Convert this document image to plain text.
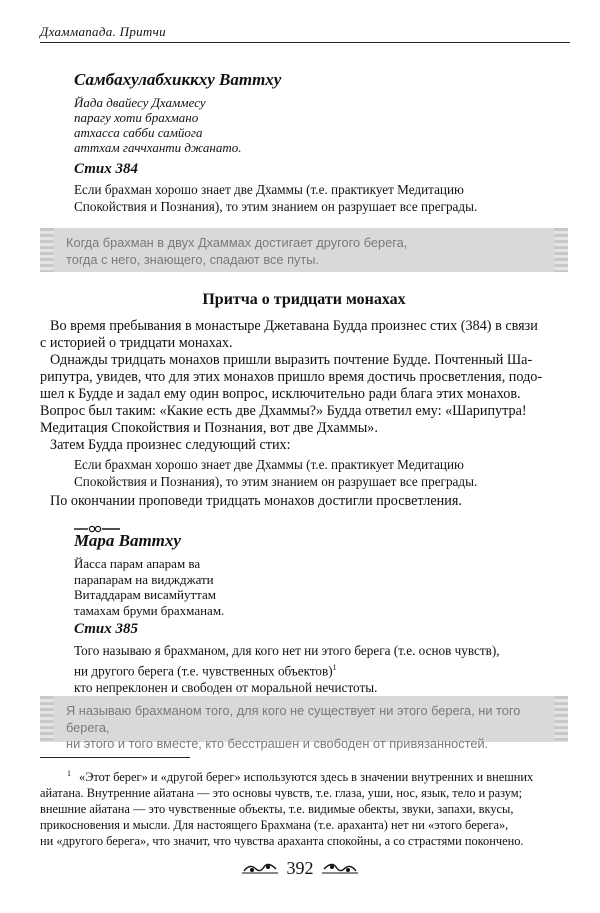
Дхаммапада. Притчи
Самбахулабхиккху Ваттху
Йада двайесу Дхаммесу
парагу хоти брахмано
атхасса сабби самйога
аттхам гаччханти джанато.
Стих 384
Если брахман хорошо знает две Дхаммы (т.е. практикует Медитацию
Спокойствия и Познания), то этим знанием он разрушает все преграды.
Когда брахман в двух Дхаммах достигает другого берега,
тогда с него, знающего, спадают все путы.
Притча о тридцати монахах
Во время пребывания в монастыре Джетавана Будда произнес стих (384) в связи
с историей о тридцати монахах.
Однажды тридцать монахов пришли выразить почтение Будде. Почтенный Ша-
рипутра, увидев, что для этих монахов пришло время достичь просветления, подо-
шел к Будде и задал ему один вопрос, исключительно ради блага этих монахов.
Вопрос был таким: «Какие есть две Дхаммы?» Будда ответил ему: «Шарипутра!
Медитация Спокойствия и Познания, вот две Дхаммы».
Затем Будда произнес следующий стих:
Если брахман хорошо знает две Дхаммы (т.е. практикует Медитацию
Спокойствия и Познания), то этим знанием он разрушает все преграды.
По окончании проповеди тридцать монахов достигли просветления.
Мара Ваттху
Йасса парам апарам ва
парапарам на виджджати
Витаддарам висамйуттам
тамахам бруми брахманам.
Стих 385
Того называю я брахманом, для кого нет ни этого берега (т.е. основ чувств),
ни другого берега (т.е. чувственных объектов)$^1$
кто непреклонен и свободен от моральной нечистоты.
Я называю брахманом того, для кого не существует ни этого берега, ни того берега,
ни этого и того вместе, кто бесстрашен и свободен от привязанностей.
$^1$ «Этот берег» и «другой берег» используются здесь в значении внутренних и внешних
айатана. Внутренние айатана — это основы чувств, т.е. глаза, уши, нос, язык, тело и разум;
внешние айатана — это чувственные объекты, т.е. видимые обекты, звуки, запахи, вкусы,
прикосновения и мысли. Для настоящего Брахмана (т.е. араханта) нет ни «этого берега»,
ни «другого берега», что значит, что чувства араханта спокойны, а со страстями покончено.
392
